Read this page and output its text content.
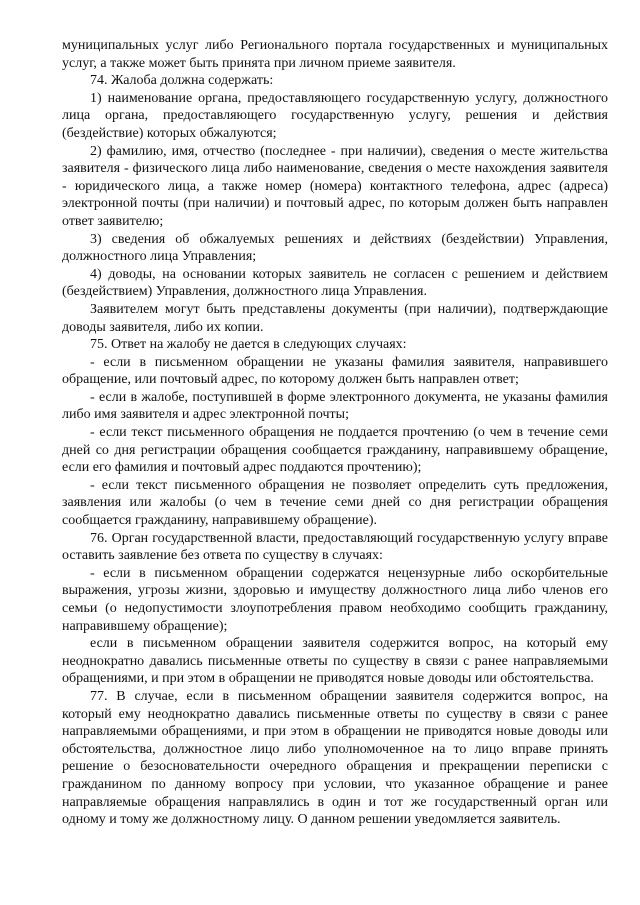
муниципальных услуг либо Регионального портала государственных и муниципальных услуг, а также может быть принята при личном приеме заявителя.

74. Жалоба должна содержать:

1) наименование органа, предоставляющего государственную услугу, должностного лица органа, предоставляющего государственную услугу, решения и действия (бездействие) которых обжалуются;

2) фамилию, имя, отчество (последнее - при наличии), сведения о месте жительства заявителя - физического лица либо наименование, сведения о месте нахождения заявителя - юридического лица, а также номер (номера) контактного телефона, адрес (адреса) электронной почты (при наличии) и почтовый адрес, по которым должен быть направлен ответ заявителю;

3) сведения об обжалуемых решениях и действиях (бездействии) Управления, должностного лица Управления;

4) доводы, на основании которых заявитель не согласен с решением и действием (бездействием) Управления, должностного лица Управления.

Заявителем могут быть представлены документы (при наличии), подтверждающие доводы заявителя, либо их копии.

75. Ответ на жалобу не дается в следующих случаях:

- если в письменном обращении не указаны фамилия заявителя, направившего обращение, или почтовый адрес, по которому должен быть направлен ответ;

- если в жалобе, поступившей в форме электронного документа, не указаны фамилия либо имя заявителя и адрес электронной почты;

- если текст письменного обращения не поддается прочтению (о чем в течение семи дней со дня регистрации обращения сообщается гражданину, направившему обращение, если его фамилия и почтовый адрес поддаются прочтению);

- если текст письменного обращения не позволяет определить суть предложения, заявления или жалобы (о чем в течение семи дней со дня регистрации обращения сообщается гражданину, направившему обращение).

76. Орган государственной власти, предоставляющий государственную услугу вправе оставить заявление без ответа по существу в случаях:

- если в письменном обращении содержатся нецензурные либо оскорбительные выражения, угрозы жизни, здоровью и имуществу должностного лица либо членов его семьи (о недопустимости злоупотребления правом необходимо сообщить гражданину, направившему обращение);

если в письменном обращении заявителя содержится вопрос, на который ему неоднократно давались письменные ответы по существу в связи с ранее направляемыми обращениями, и при этом в обращении не приводятся новые доводы или обстоятельства.

77. В случае, если в письменном обращении заявителя содержится вопрос, на который ему неоднократно давались письменные ответы по существу в связи с ранее направляемыми обращениями, и при этом в обращении не приводятся новые доводы или обстоятельства, должностное лицо либо уполномоченное на то лицо вправе принять решение о безосновательности очередного обращения и прекращении переписки с гражданином по данному вопросу при условии, что указанное обращение и ранее направляемые обращения направлялись в один и тот же государственный орган или одному и тому же должностному лицу. О данном решении уведомляется заявитель.
